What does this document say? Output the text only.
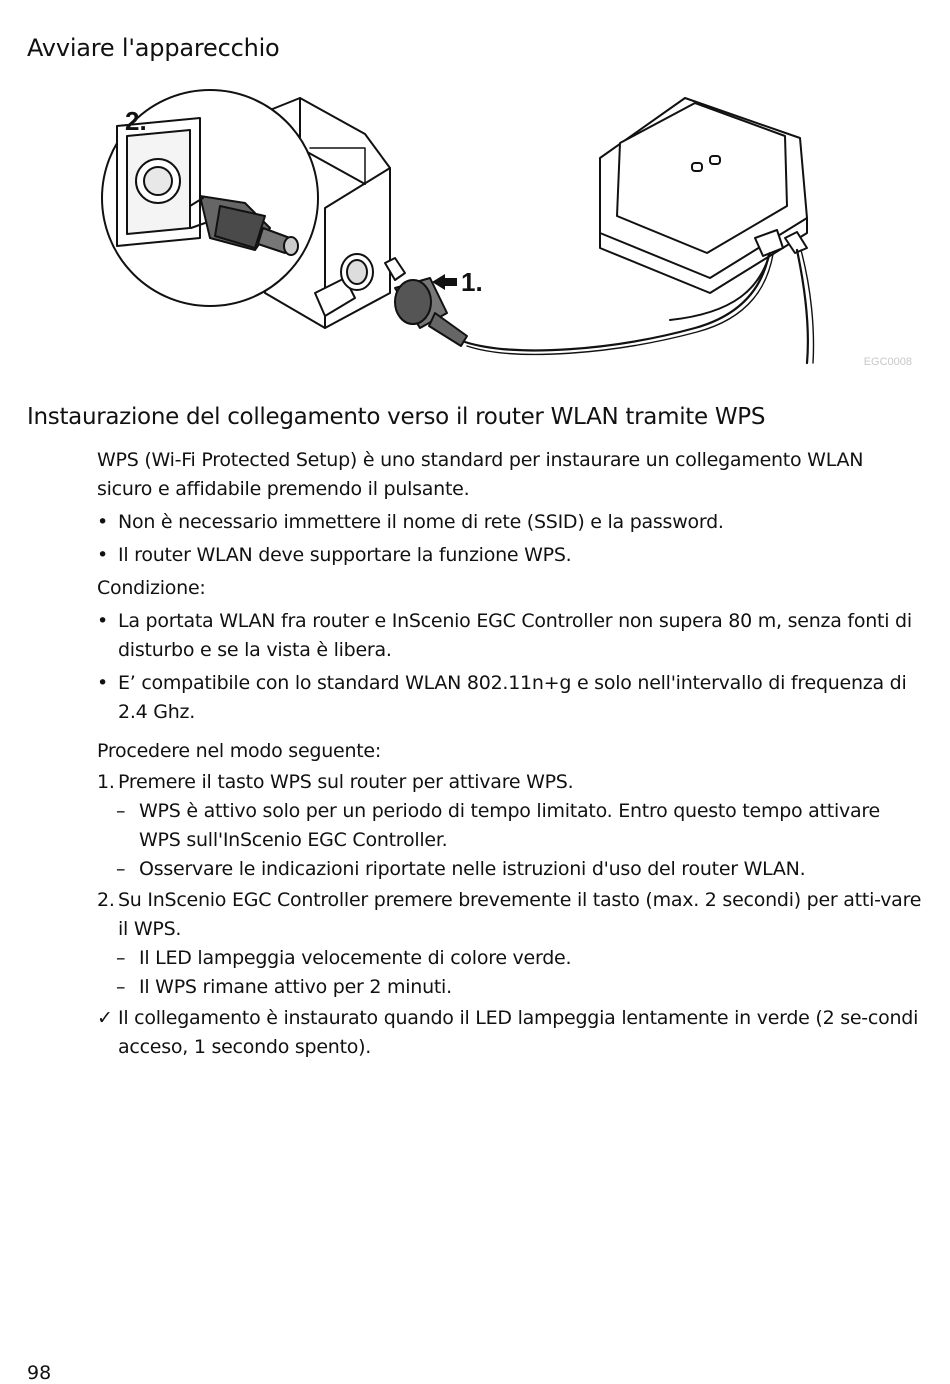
Avviare l'apparecchio
2.
1.
EGC0008
Instaurazione del collegamento verso il router WLAN tramite WPS

WPS (Wi-Fi Protected Setup) è uno standard per instaurare un collegamento WLAN sicuro e affidabile premendo il pulsante.

• Non è necessario immettere il nome di rete (SSID) e la password.
• Il router WLAN deve supportare la funzione WPS.

Condizione:

• La portata WLAN fra router e InScenio EGC Controller non supera 80 m, senza fonti di disturbo e se la vista è libera.
• E’ compatibile con lo standard WLAN 802.11n+g e solo nell'intervallo di frequenza di 2.4 Ghz.

Procedere nel modo seguente:

1. Premere il tasto WPS sul router per attivare WPS.
– WPS è attivo solo per un periodo di tempo limitato. Entro questo tempo attivare WPS sull'InScenio EGC Controller.
– Osservare le indicazioni riportate nelle istruzioni d'uso del router WLAN.
2. Su InScenio EGC Controller premere brevemente il tasto (max. 2 secondi) per atti-vare il WPS.
– Il LED lampeggia velocemente di colore verde.
– Il WPS rimane attivo per 2 minuti.
✓ Il collegamento è instaurato quando il LED lampeggia lentamente in verde (2 se-condi acceso, 1 secondo spento).
98
